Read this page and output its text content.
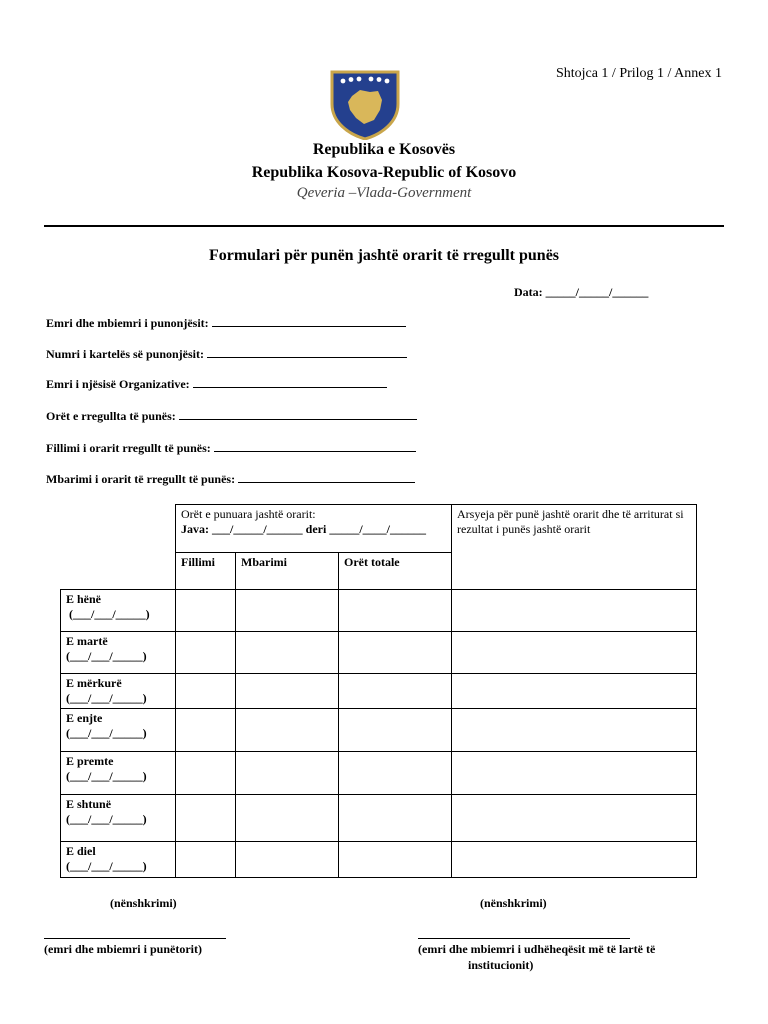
Shtojca 1 / Prilog 1 / Annex 1
Republika e Kosovës
Republika Kosova-Republic of Kosovo
Qeveria –Vlada-Government
Formulari për punën jashtë orarit të rregullt punës
Data: _____/_____/______
Emri dhe mbiemri i punonjësit:
Numri i kartelës së punonjësit:
Emri i njësisë Organizative:
Orët e rregullta të punës:
Fillimi i orarit rregullt të punës:
Mbarimi i orarit të rregullt të punës:

	Orët e punuara jashtë orarit:
Java: ___/_____/______ deri _____/____/______			Arsyeja për punë jashtë orarit dhe të arriturat si rezultat i punës jashtë orarit
	Fillimi	Mbarimi	Orët totale	

E hënë
(___/___/_____)				

E martë
(___/___/_____)				

E mërkurë
(___/___/_____)				

E enjte
(___/___/_____)				

E premte
(___/___/_____)				

E shtunë
(___/___/_____)				

E diel
(___/___/_____)				

(nënshkrimi)
(emri dhe mbiemri i punëtorit)
(nënshkrimi)
(emri dhe mbiemri i udhëheqësit më të lartë të
institucionit)
